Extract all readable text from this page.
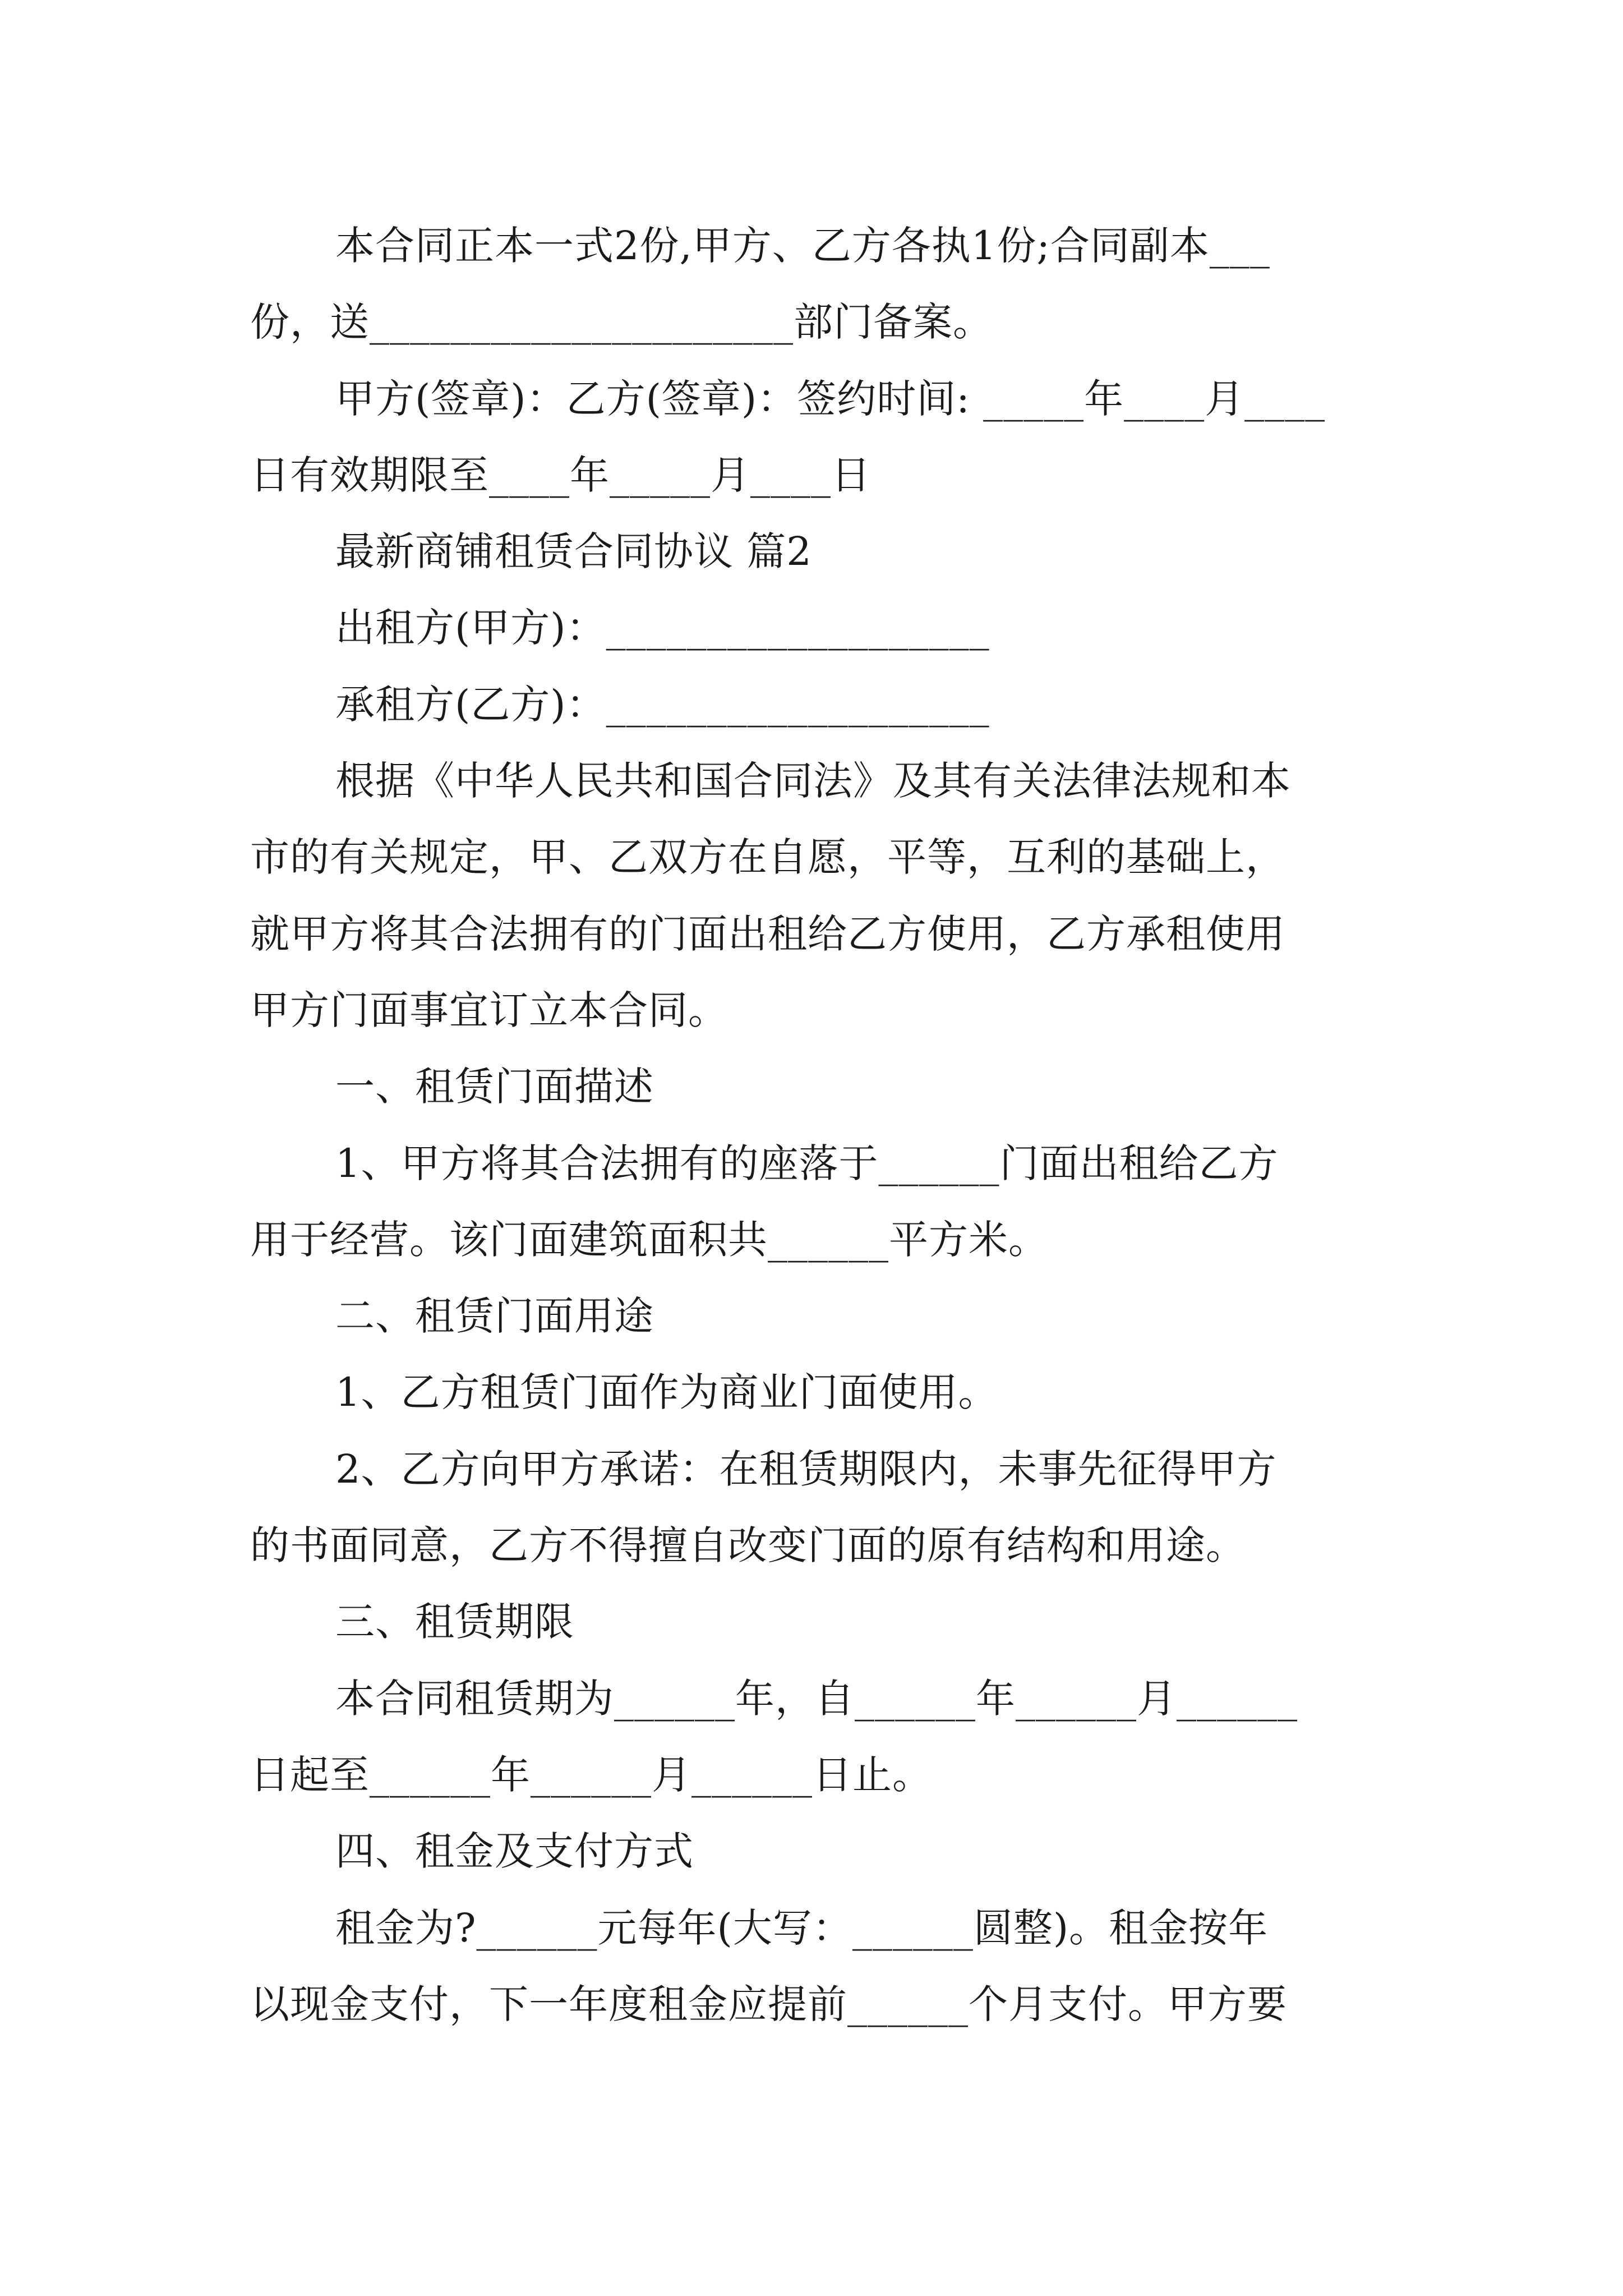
本合同正本一式2份,甲方、乙方各执1份;合同副本___
份，送_____________________部门备案。
甲方(签章)：乙方(签章)：签约时间: _____年____月____
日有效期限至____年_____月____日
最新商铺租赁合同协议 篇2
出租方(甲方)：___________________
承租方(乙方)：___________________
根据《中华人民共和国合同法》及其有关法律法规和本
市的有关规定，甲、乙双方在自愿，平等，互利的基础上，
就甲方将其合法拥有的门面出租给乙方使用，乙方承租使用
甲方门面事宜订立本合同。
一、租赁门面描述
1、甲方将其合法拥有的座落于______门面出租给乙方
用于经营。该门面建筑面积共______平方米。
二、租赁门面用途
1、乙方租赁门面作为商业门面使用。
2、乙方向甲方承诺：在租赁期限内，未事先征得甲方
的书面同意，乙方不得擅自改变门面的原有结构和用途。
三、租赁期限
本合同租赁期为______年，自______年______月______
日起至______年______月______日止。
四、租金及支付方式
租金为?______元每年(大写：______圆整)。租金按年
以现金支付，下一年度租金应提前______个月支付。甲方要
